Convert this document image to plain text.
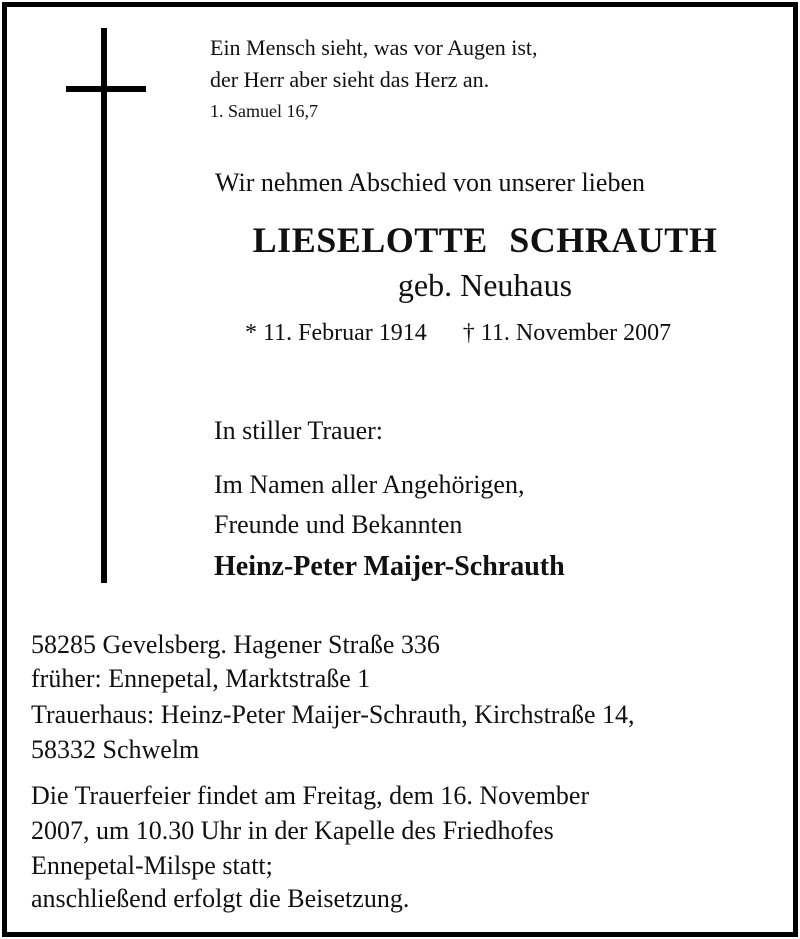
Ein Mensch sieht, was vor Augen ist,
der Herr aber sieht das Herz an.
1. Samuel 16,7
Wir nehmen Abschied von unserer lieben
LIESELOTTE SCHRAUTH
geb. Neuhaus
* 11. Februar 1914 † 11. November 2007
In stiller Trauer:
Im Namen aller Angehörigen,
Freunde und Bekannten
Heinz-Peter Maijer-Schrauth
58285 Gevelsberg. Hagener Straße 336
früher: Ennepetal, Marktstraße 1
Trauerhaus: Heinz-Peter Maijer-Schrauth, Kirchstraße 14,
58332 Schwelm
Die Trauerfeier findet am Freitag, dem 16. November
2007, um 10.30 Uhr in der Kapelle des Friedhofes
Ennepetal-Milspe statt;
anschließend erfolgt die Beisetzung.
